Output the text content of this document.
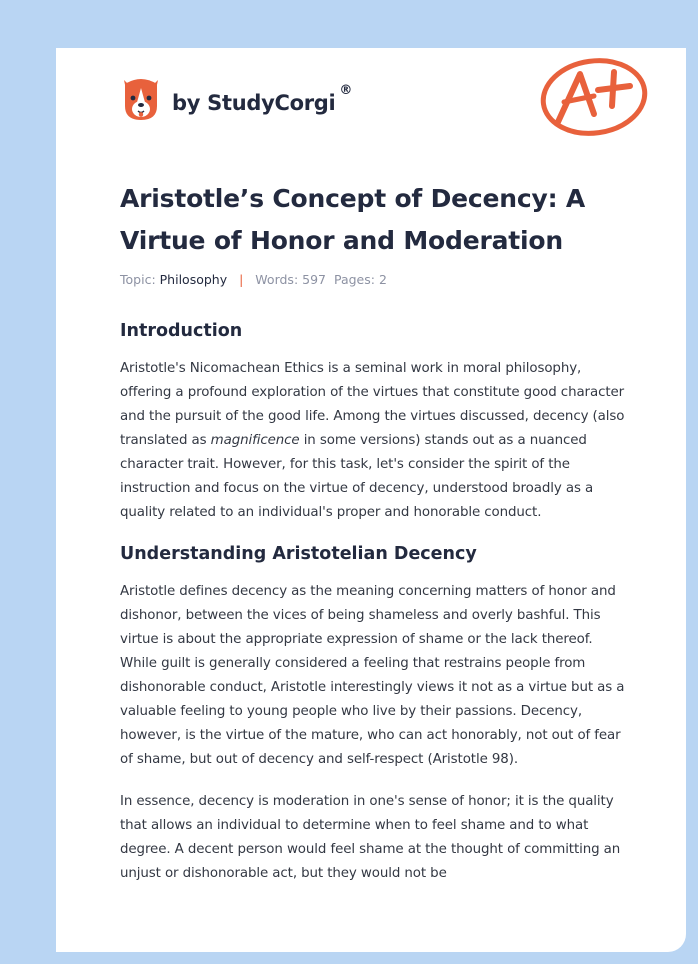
by StudyCorgi
®
Aristotle’s Concept of Decency: A Virtue of Honor and Moderation
Topic: Philosophy | Words: 597 Pages: 2
Introduction

Aristotle's Nicomachean Ethics is a seminal work in moral philosophy, offering a profound exploration of the virtues that constitute good character and the pursuit of the good life. Among the virtues discussed, decency (also translated as magnificence in some versions) stands out as a nuanced character trait. However, for this task, let's consider the spirit of the instruction and focus on the virtue of decency, understood broadly as a quality related to an individual's proper and honorable conduct.

Understanding Aristotelian Decency

Aristotle defines decency as the meaning concerning matters of honor and dishonor, between the vices of being shameless and overly bashful. This virtue is about the appropriate expression of shame or the lack thereof. While guilt is generally considered a feeling that restrains people from dishonorable conduct, Aristotle interestingly views it not as a virtue but as a valuable feeling to young people who live by their passions. Decency, however, is the virtue of the mature, who can act honorably, not out of fear of shame, but out of decency and self-respect (Aristotle 98).

In essence, decency is moderation in one's sense of honor; it is the quality that allows an individual to determine when to feel shame and to what degree. A decent person would feel shame at the thought of committing an unjust or dishonorable act, but they would not be
